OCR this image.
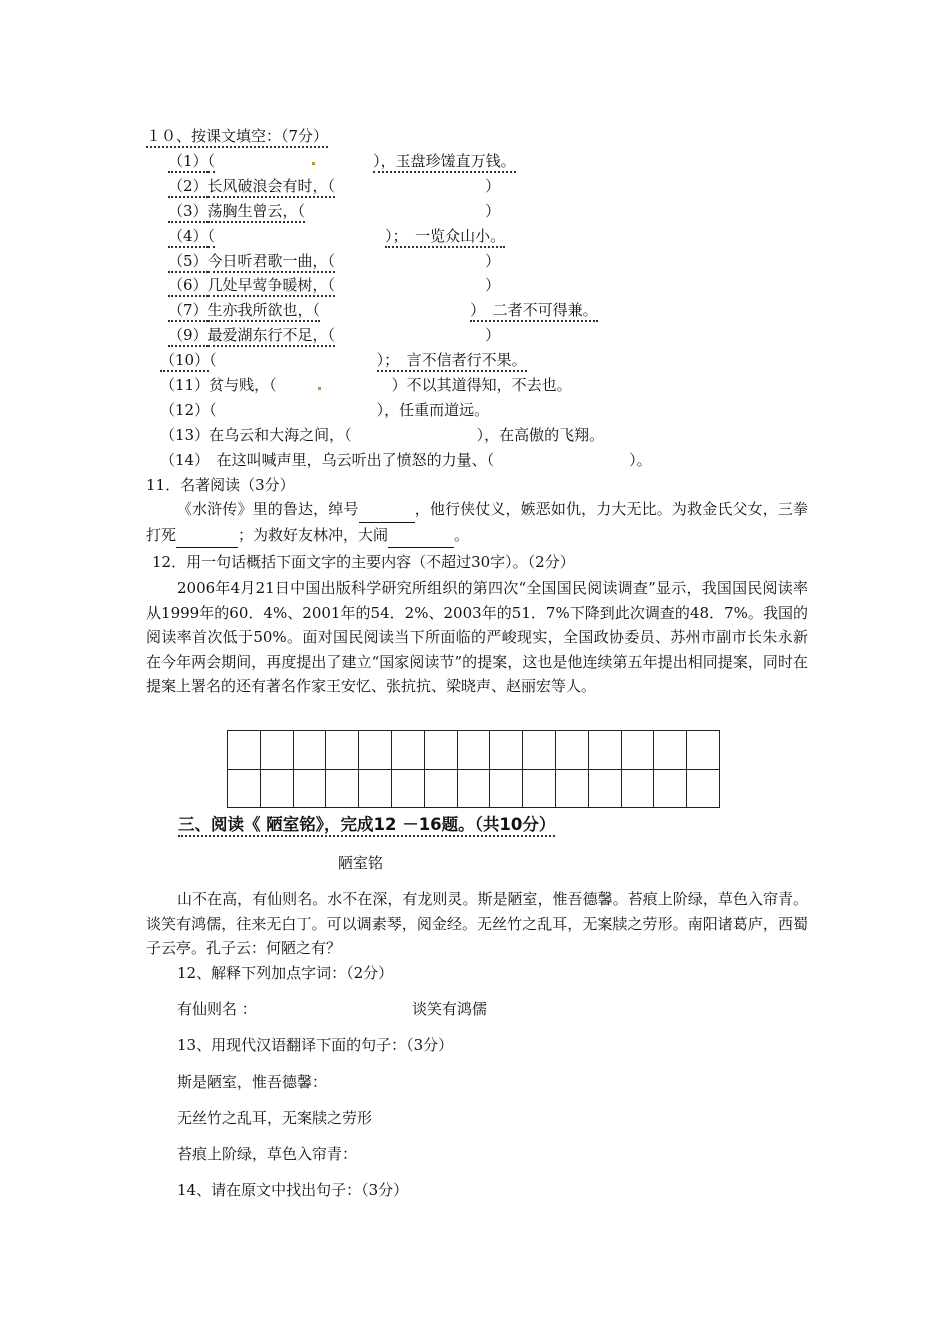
１０、按课文填空：（7分）
（1）（	），玉盘珍馐直万钱。
（2）长风破浪会有时，（	）
（3）荡胸生曾云，（	）
（4）（	）；　一览众山小。
（5）今日听君歌一曲，（	）
（6）几处早莺争暖树，（	）
（7）生亦我所欲也，（	）　二者不可得兼。
（9）最爱湖东行不足，（	）
（10）（	）；　言不信者行不果。
（11）贫与贱，（	）不以其道得知，不去也。
（12）（	），任重而道远。
（13）在乌云和大海之间，（	），在高傲的飞翔。
（14）　在这叫喊声里，乌云听出了愤怒的力量、（	）。
11．名著阅读（3分）
《水浒传》里的鲁达，绰号	，他行侠仗义，嫉恶如仇，力大无比。为救金氏父女，三拳打死	；为救好友林冲，大闹	。
12．用一句话概括下面文字的主要内容（不超过30字）。（2分）
2006年4月21日中国出版科学研究所组织的第四次“全国国民阅读调查”显示，我国国民阅读率从1999年的60．4%、2001年的54．2%、2003年的51．7%下降到此次调查的48．7%。我国的阅读率首次低于50%。面对国民阅读当下所面临的严峻现实，全国政协委员、苏州市副市长朱永新在今年两会期间，再度提出了建立“国家阅读节”的提案，这也是他连续第五年提出相同提案，同时在提案上署名的还有著名作家王安忆、张抗抗、梁晓声、赵丽宏等人。

三、阅读《 陋室铭》，完成12 －16题。（共10分）
陋室铭
山不在高，有仙则名。水不在深，有龙则灵。斯是陋室，惟吾德馨。苔痕上阶绿，草色入帘青。谈笑有鸿儒，往来无白丁。可以调素琴，阅金经。无丝竹之乱耳，无案牍之劳形。南阳诸葛庐，西蜀子云亭。孔子云：何陋之有？
12、解释下列加点字词：（2分）
有仙则名 ：	谈笑有鸿儒
13、用现代汉语翻译下面的句子：（3分）
斯是陋室，惟吾德馨：
无丝竹之乱耳，无案牍之劳形
苔痕上阶绿，草色入帘青：
14、请在原文中找出句子：（3分）
